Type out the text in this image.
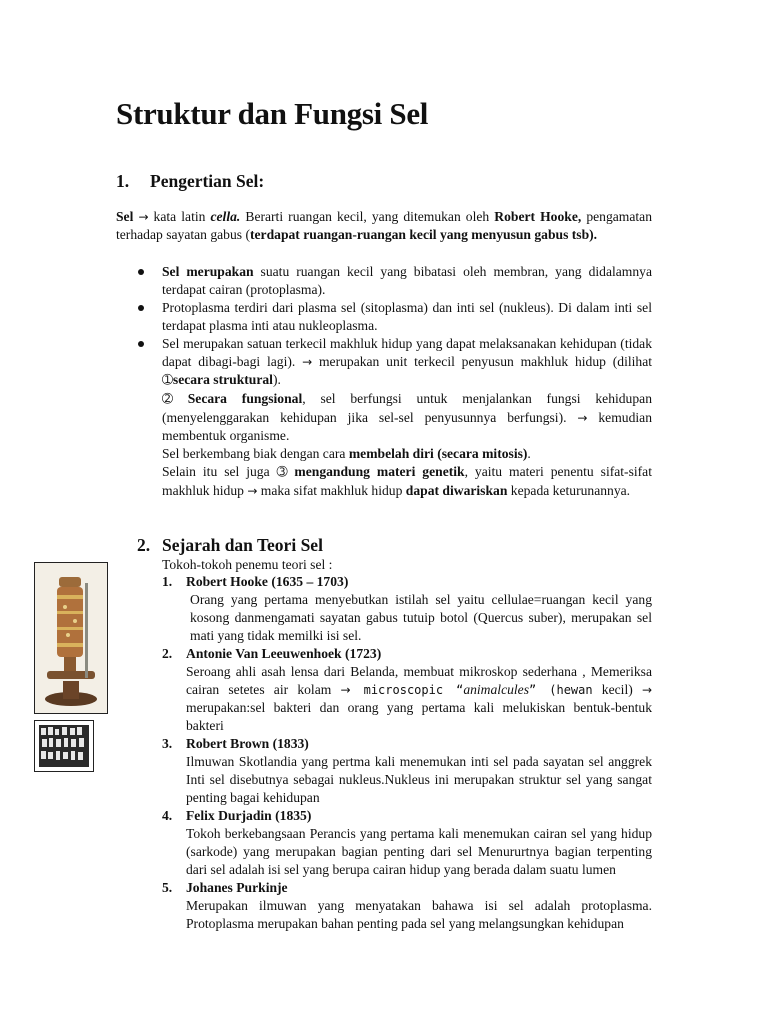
Struktur dan Fungsi Sel
1. Pengertian Sel:

Sel → kata latin cella. Berarti ruangan kecil, yang ditemukan oleh Robert Hooke, pengamatan terhadap sayatan gabus (terdapat ruangan-ruangan kecil yang menyusun gabus tsb).

Sel merupakan suatu ruangan kecil yang bibatasi oleh membran, yang didalamnya terdapat cairan (protoplasma).
Protoplasma terdiri dari plasma sel (sitoplasma) dan inti sel (nukleus). Di dalam inti sel terdapat plasma inti atau nukleoplasma.
Sel merupakan satuan terkecil makhluk hidup yang dapat melaksanakan kehidupan (tidak dapat dibagi-bagi lagi). → merupakan unit terkecil penyusun makhluk hidup (dilihat ➀secara struktural).
➁ Secara fungsional, sel berfungsi untuk menjalankan fungsi kehidupan (menyelenggarakan kehidupan jika sel-sel penyusunnya berfungsi). → kemudian membentuk organisme.
Sel berkembang biak dengan cara membelah diri (secara mitosis).
Selain itu sel juga ➂ mengandung materi genetik, yaitu materi penentu sifat-sifat makhluk hidup → maka sifat makhluk hidup dapat diwariskan kepada keturunannya.
2. Sejarah dan Teori Sel
Tokoh-tokoh penemu teori sel :
1. Robert Hooke (1635 – 1703)
Orang yang pertama menyebutkan istilah sel yaitu cellulae=ruangan kecil yang kosong danmengamati sayatan gabus tutuip botol (Quercus suber), merupakan sel mati yang tidak memilki isi sel.
2. Antonie Van Leeuwenhoek (1723)
Seroang ahli asah lensa dari Belanda, membuat mikroskop sederhana , Memeriksa cairan setetes air kolam → microscopic “animalcules” (hewan kecil) → merupakan:sel bakteri dan orang yang pertama kali melukiskan bentuk-bentuk bakteri
3. Robert Brown (1833)
Ilmuwan Skotlandia yang pertma kali menemukan inti sel pada sayatan sel anggrek Inti sel disebutnya sebagai nukleus.Nukleus ini merupakan struktur sel yang sangat penting bagai kehidupan
4. Felix Durjadin (1835)
Tokoh berkebangsaan Perancis yang pertama kali menemukan cairan sel yang hidup (sarkode) yang merupakan bagian penting dari sel Menururtnya bagian terpenting dari sel adalah isi sel yang berupa cairan hidup yang berada dalam suatu lumen
5. Johanes Purkinje
Merupakan ilmuwan yang menyatakan bahawa isi sel adalah protoplasma. Protoplasma merupakan bahan penting pada sel yang melangsungkan kehidupan
